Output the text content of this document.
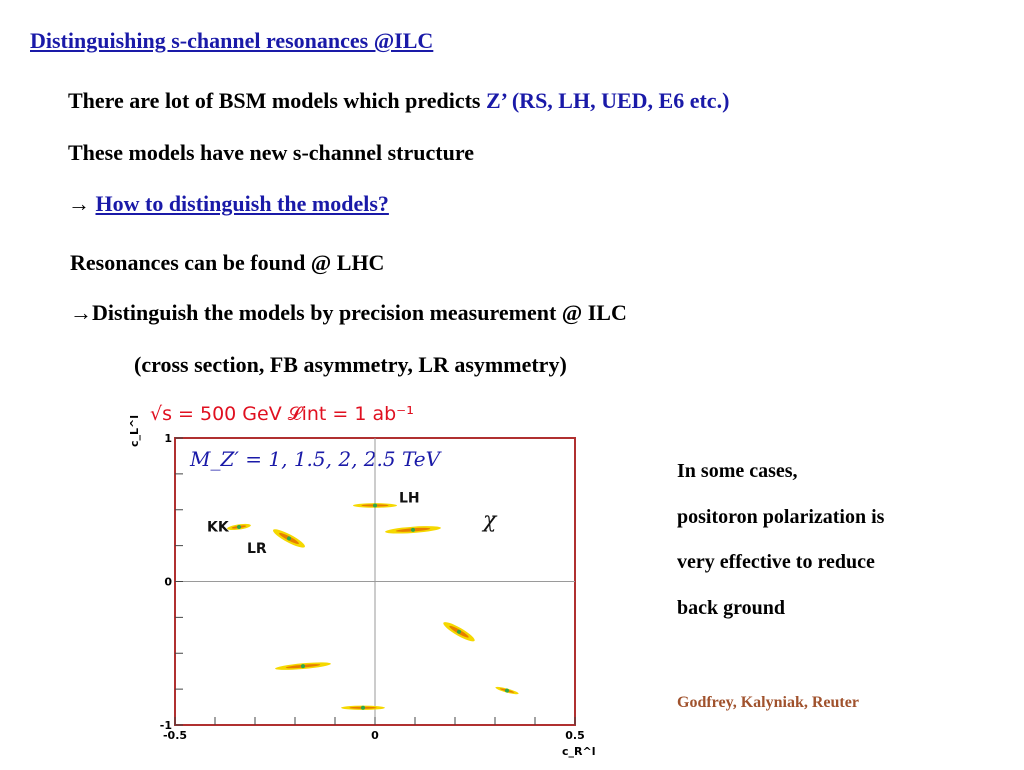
Distinguishing s-channel resonances @ILC
There are lot of BSM models which predicts Z’ (RS, LH, UED, E6 etc.)
These models have new s-channel structure
→ How to distinguish the models?
Resonances can be found @ LHC
→Distinguish the models by precision measurement @ ILC
(cross section, FB asymmetry, LR asymmetry)
√s = 500 GeV 𝓛int = 1 ab⁻¹
M_Z′ = 1, 1.5, 2, 2.5 TeV
-0.5	0	0.5
-1
0
1
LH
KK
LR
χ
c_L^l
c_R^l
In some cases,
positoron polarization is
very effective to reduce
back ground
Godfrey, Kalyniak, Reuter
